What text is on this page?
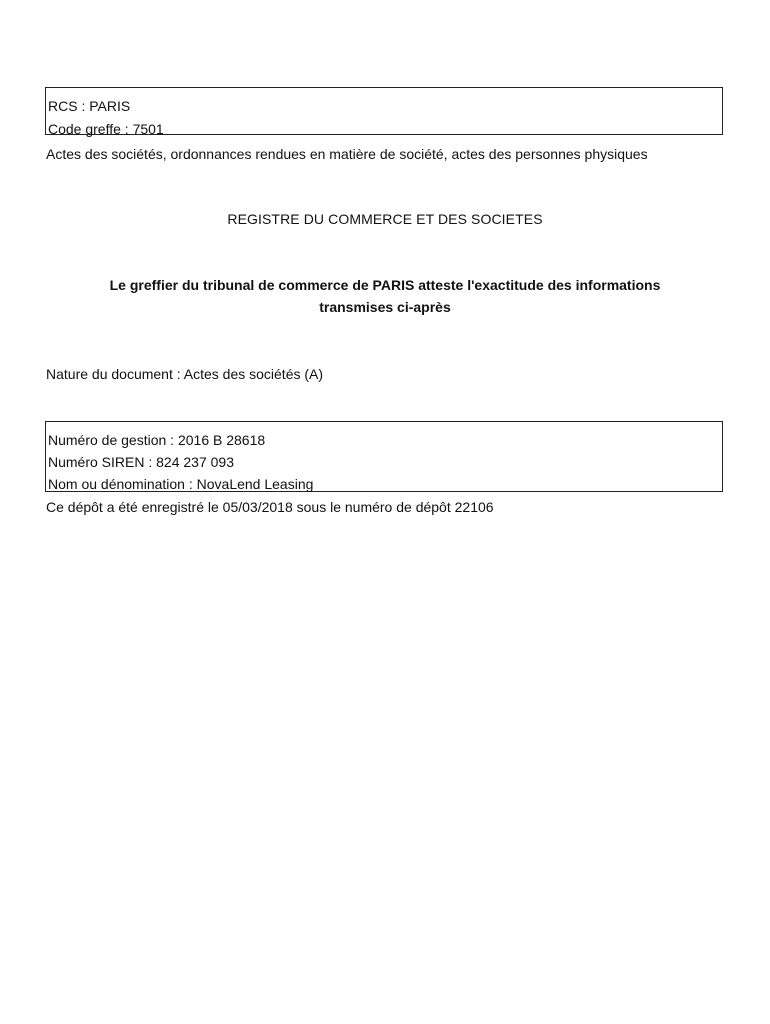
RCS : PARIS
Code greffe : 7501
Actes des sociétés, ordonnances rendues en matière de société, actes des personnes physiques
REGISTRE DU COMMERCE ET DES SOCIETES
Le greffier du tribunal de commerce de PARIS atteste l'exactitude des informations
transmises ci-après
Nature du document : Actes des sociétés (A)
Numéro de gestion : 2016 B 28618
Numéro SIREN : 824 237 093
Nom ou dénomination : NovaLend Leasing
Ce dépôt a été enregistré le 05/03/2018 sous le numéro de dépôt 22106
